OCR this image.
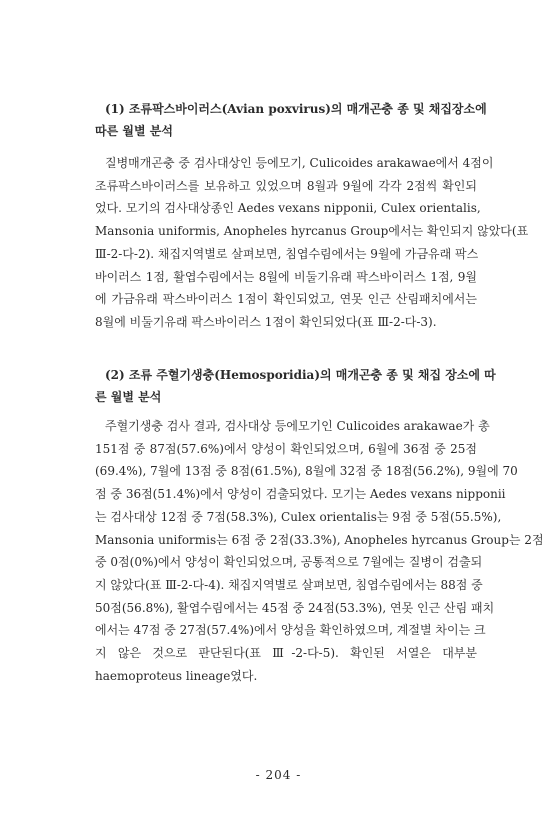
(1) 조류팍스바이러스(Avian poxvirus)의 매개곤충 종 및 채집장소에
따른 월별 분석

질병매개곤충 중 검사대상인 등에모기, Culicoides arakawae에서 4점이
조류팍스바이러스를 보유하고 있었으며 8월과 9월에 각각 2점씩 확인되
었다. 모기의 검사대상종인 Aedes vexans nipponii, Culex orientalis,
Mansonia uniformis, Anopheles hyrcanus Group에서는 확인되지 않았다(표
Ⅲ-2-다-2). 채집지역별로 살펴보면, 침엽수림에서는 9월에 가금유래 팍스
바이러스 1점, 활엽수림에서는 8월에 비둘기유래 팍스바이러스 1점, 9월
에 가금유래 팍스바이러스 1점이 확인되었고, 연못 인근 산림패치에서는
8월에 비둘기유래 팍스바이러스 1점이 확인되었다(표 Ⅲ-2-다-3).

(2) 조류 주혈기생충(Hemosporidia)의 매개곤충 종 및 채집 장소에 따
른 월별 분석

주혈기생충 검사 결과, 검사대상 등에모기인 Culicoides arakawae가 총
151점 중 87점(57.6%)에서 양성이 확인되었으며, 6월에 36점 중 25점
(69.4%), 7월에 13점 중 8점(61.5%), 8월에 32점 중 18점(56.2%), 9월에 70
점 중 36점(51.4%)에서 양성이 검출되었다. 모기는 Aedes vexans nipponii
는 검사대상 12점 중 7점(58.3%), Culex orientalis는 9점 중 5점(55.5%),
Mansonia uniformis는 6점 중 2점(33.3%), Anopheles hyrcanus Group는 2점
중 0점(0%)에서 양성이 확인되었으며, 공통적으로 7월에는 질병이 검출되
지 않았다(표 Ⅲ-2-다-4). 채집지역별로 살펴보면, 침엽수림에서는 88점 중
50점(56.8%), 활엽수림에서는 45점 중 24점(53.3%), 연못 인근 산림 패치
에서는 47점 중 27점(57.4%)에서 양성을 확인하였으며, 계절별 차이는 크
지 않은 것으로 판단된다(표 Ⅲ-2-다-5). 확인된 서열은 대부분
haemoproteus lineage였다.

- 204 -
